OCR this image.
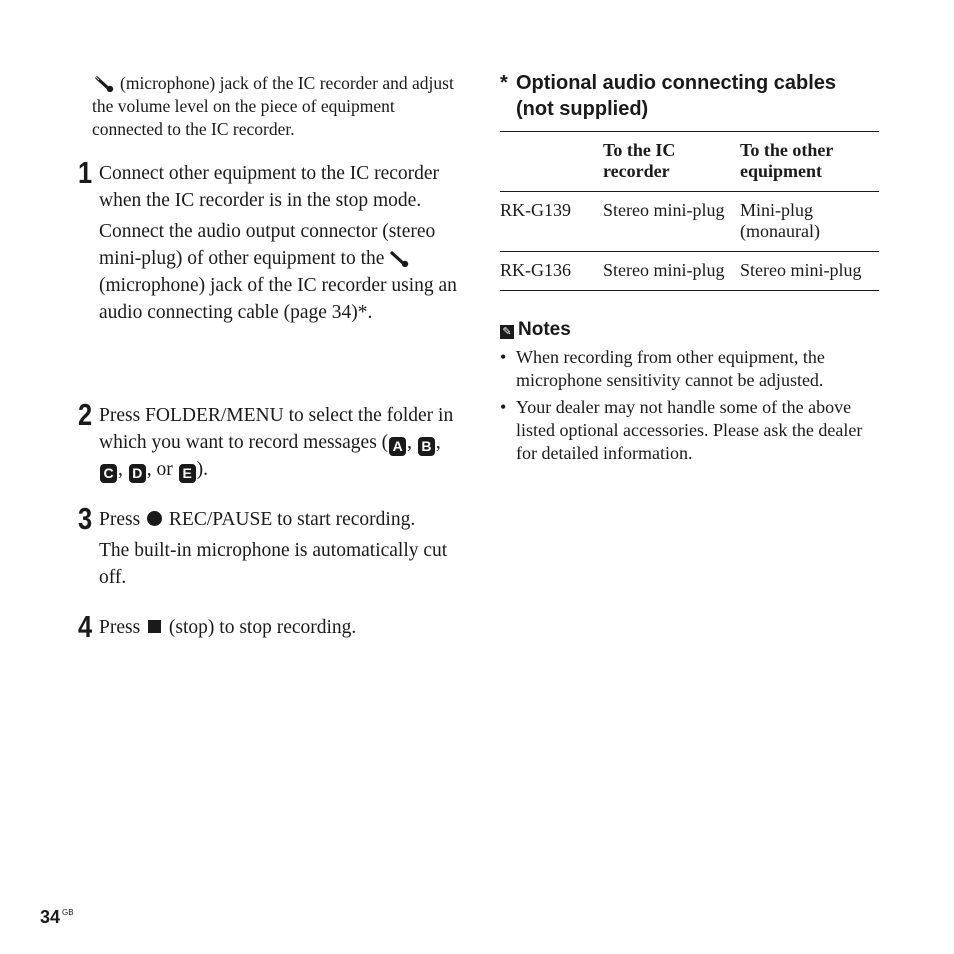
(microphone) jack of the IC recorder and adjust the volume level on the piece of equipment connected to the IC recorder.
1 Connect other equipment to the IC recorder when the IC recorder is in the stop mode.

Connect the audio output connector (stereo mini-plug) of other equipment to the
(microphone) jack of the IC recorder using an audio connecting cable (page 34)*.

2 Press FOLDER/MENU to select the folder in which you want to record messages ( A , B , C , D , or E ).
3 Press REC/PAUSE to start recording.

The built-in microphone is automatically cut off.

4 Press (stop) to stop recording.

* Optional audio connecting cables
(not supplied)
	To the IC recorder	To the other equipment
RK-G139	Stereo mini-plug	Mini-plug (monaural)
RK-G136	Stereo mini-plug	Stereo mini-plug
✎ Notes
• When recording from other equipment, the microphone sensitivity cannot be adjusted.
• Your dealer may not handle some of the above listed optional accessories. Please ask the dealer for detailed information.
34 $^{GB}$
